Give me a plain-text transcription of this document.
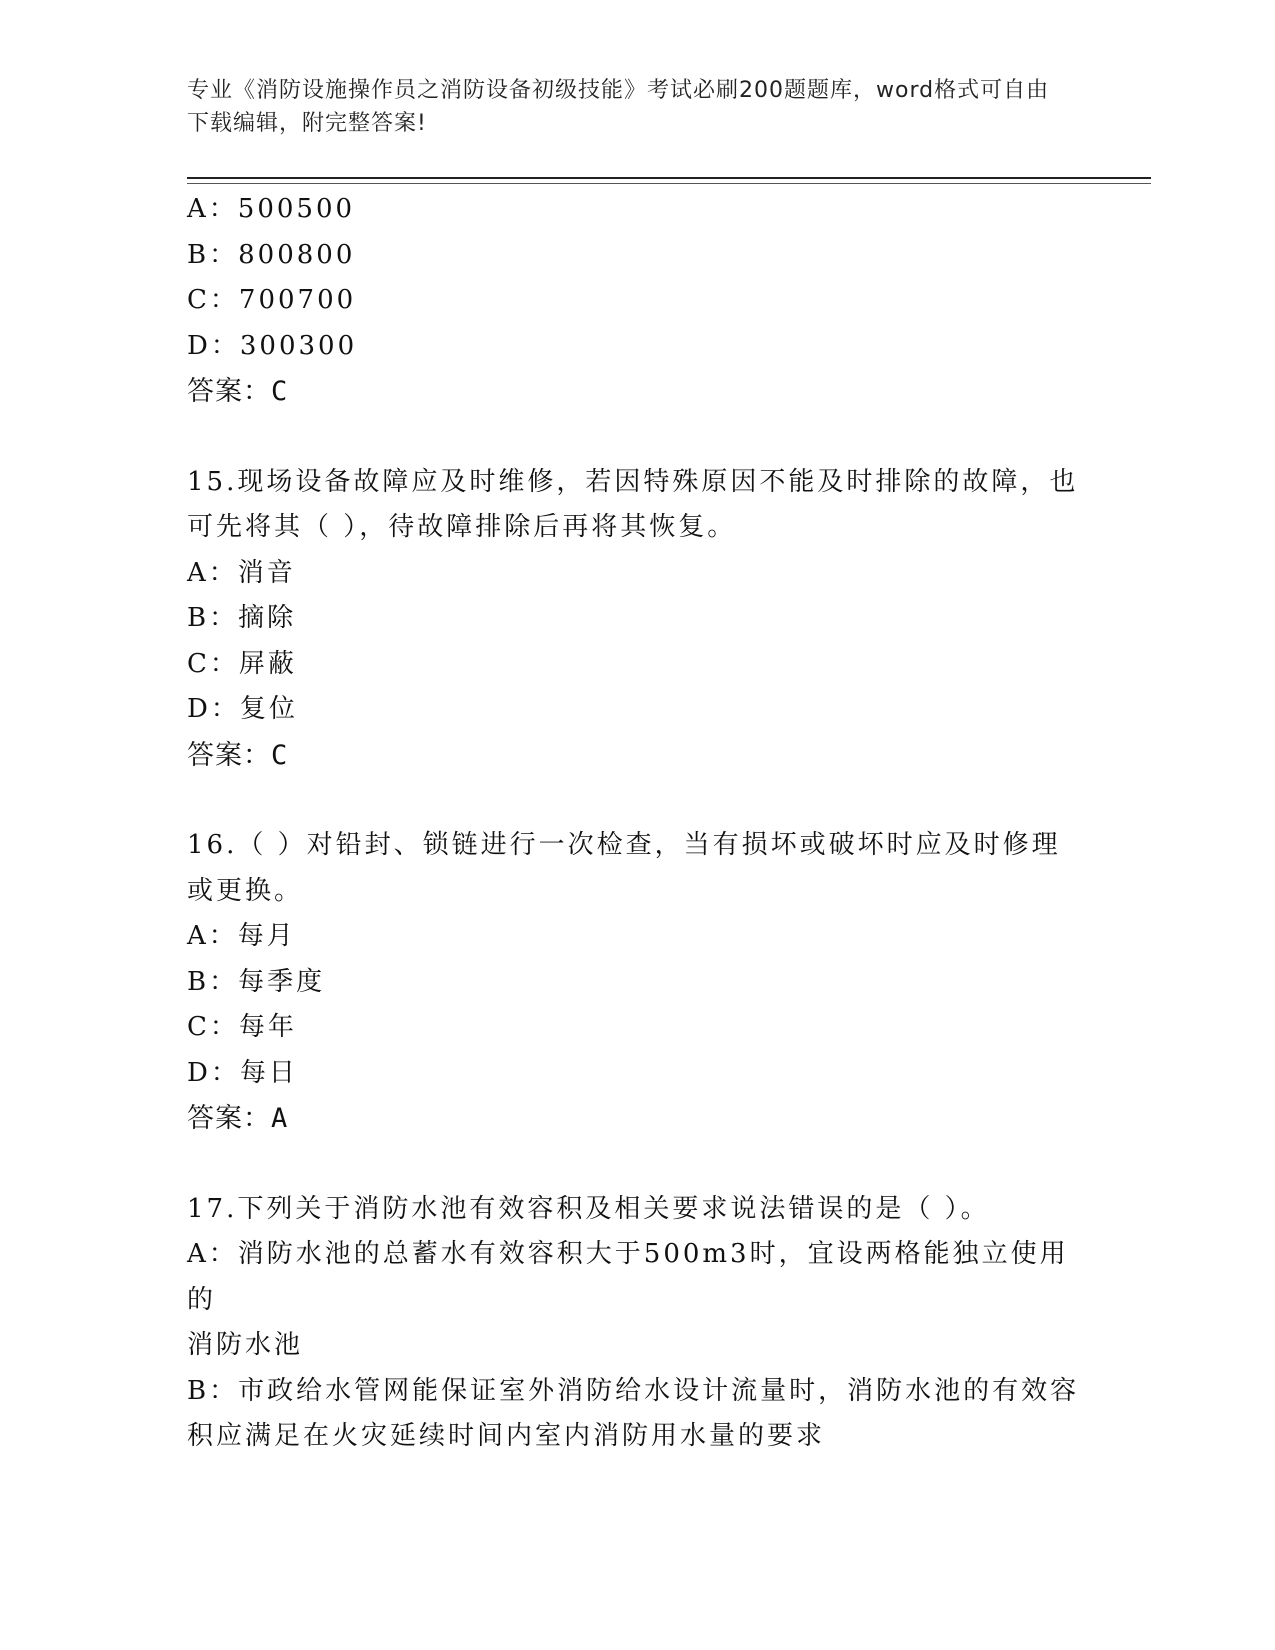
专业《消防设施操作员之消防设备初级技能》考试必刷200题题库，word格式可自由下载编辑，附完整答案!
A：500500
B：800800
C：700700
D：300300
答案：C
15.现场设备故障应及时维修，若因特殊原因不能及时排除的故障，也
可先将其（ ），待故障排除后再将其恢复。
A：消音
B：摘除
C：屏蔽
D：复位
答案：C
16.（ ）对铅封、锁链进行一次检查，当有损坏或破坏时应及时修理
或更换。
A：每月
B：每季度
C：每年
D：每日
答案：A
17.下列关于消防水池有效容积及相关要求说法错误的是（ ）。
A：消防水池的总蓄水有效容积大于500m3时，宜设两格能独立使用的
消防水池
B：市政给水管网能保证室外消防给水设计流量时，消防水池的有效容
积应满足在火灾延续时间内室内消防用水量的要求
